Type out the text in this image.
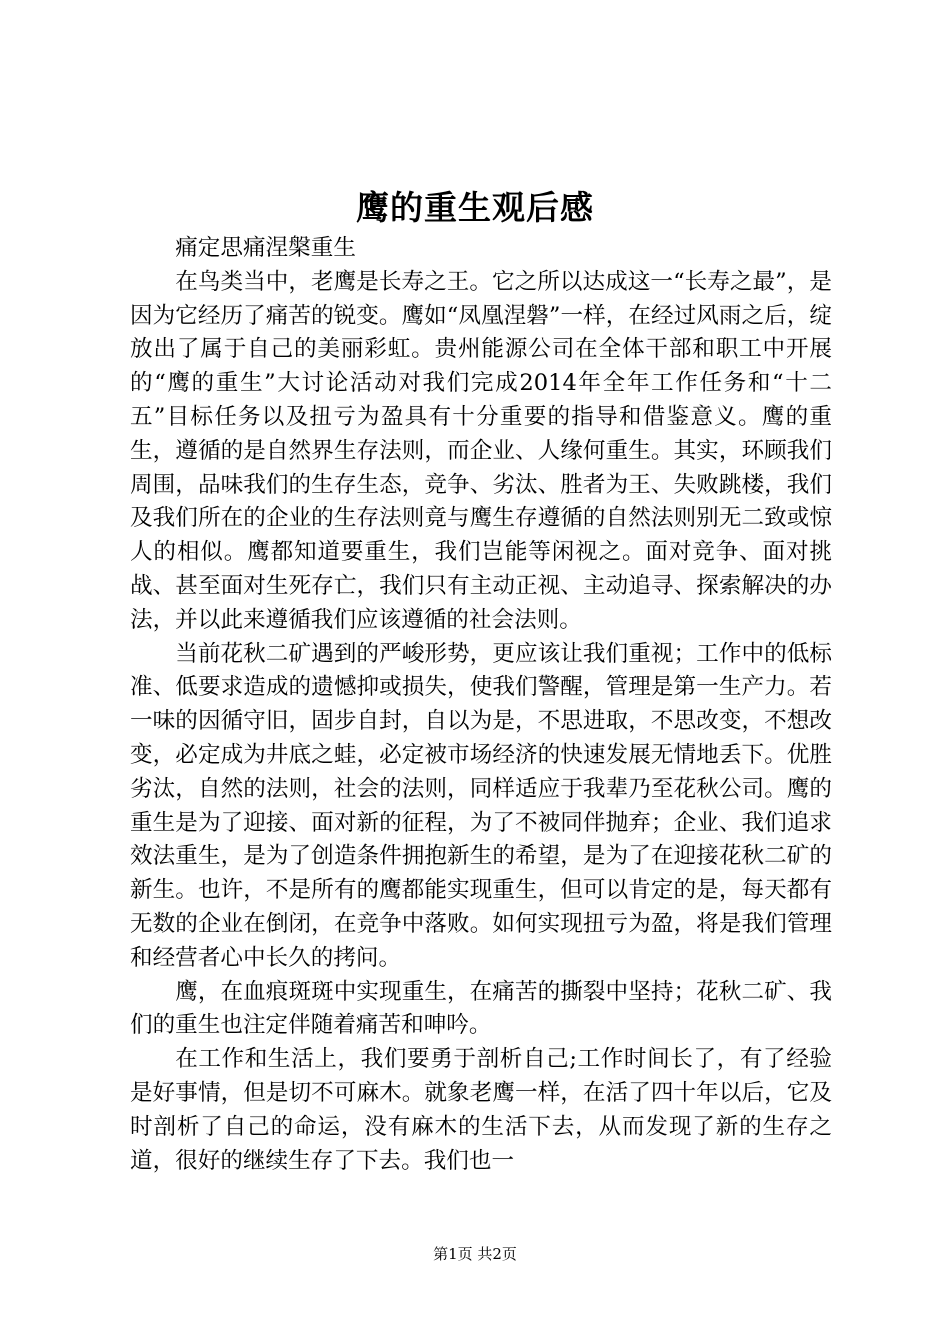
鹰的重生观后感

痛定思痛涅槃重生

在鸟类当中，老鹰是长寿之王。它之所以达成这一“长寿之最”，是因为它经历了痛苦的锐变。鹰如“凤凰涅磐”一样，在经过风雨之后，绽放出了属于自己的美丽彩虹。贵州能源公司在全体干部和职工中开展的“鹰的重生”大讨论活动对我们完成2014年全年工作任务和“十二五”目标任务以及扭亏为盈具有十分重要的指导和借鉴意义。鹰的重生，遵循的是自然界生存法则，而企业、人缘何重生。其实，环顾我们周围，品味我们的生存生态，竞争、劣汰、胜者为王、失败跳楼，我们及我们所在的企业的生存法则竟与鹰生存遵循的自然法则别无二致或惊人的相似。鹰都知道要重生，我们岂能等闲视之。面对竞争、面对挑战、甚至面对生死存亡，我们只有主动正视、主动追寻、探索解决的办法，并以此来遵循我们应该遵循的社会法则。

当前花秋二矿遇到的严峻形势，更应该让我们重视；工作中的低标准、低要求造成的遗憾抑或损失，使我们警醒，管理是第一生产力。若一味的因循守旧，固步自封，自以为是，不思进取，不思改变，不想改变，必定成为井底之蛙，必定被市场经济的快速发展无情地丢下。优胜劣汰，自然的法则，社会的法则，同样适应于我辈乃至花秋公司。鹰的重生是为了迎接、面对新的征程，为了不被同伴抛弃；企业、我们追求效法重生，是为了创造条件拥抱新生的希望，是为了在迎接花秋二矿的新生。也许，不是所有的鹰都能实现重生，但可以肯定的是，每天都有无数的企业在倒闭，在竞争中落败。如何实现扭亏为盈，将是我们管理和经营者心中长久的拷问。

鹰，在血痕斑斑中实现重生，在痛苦的撕裂中坚持；花秋二矿、我们的重生也注定伴随着痛苦和呻吟。

在工作和生活上，我们要勇于剖析自己;工作时间长了，有了经验是好事情，但是切不可麻木。就象老鹰一样，在活了四十年以后，它及时剖析了自己的命运，没有麻木的生活下去，从而发现了新的生存之道，很好的继续生存了下去。我们也一

第1页 共2页
